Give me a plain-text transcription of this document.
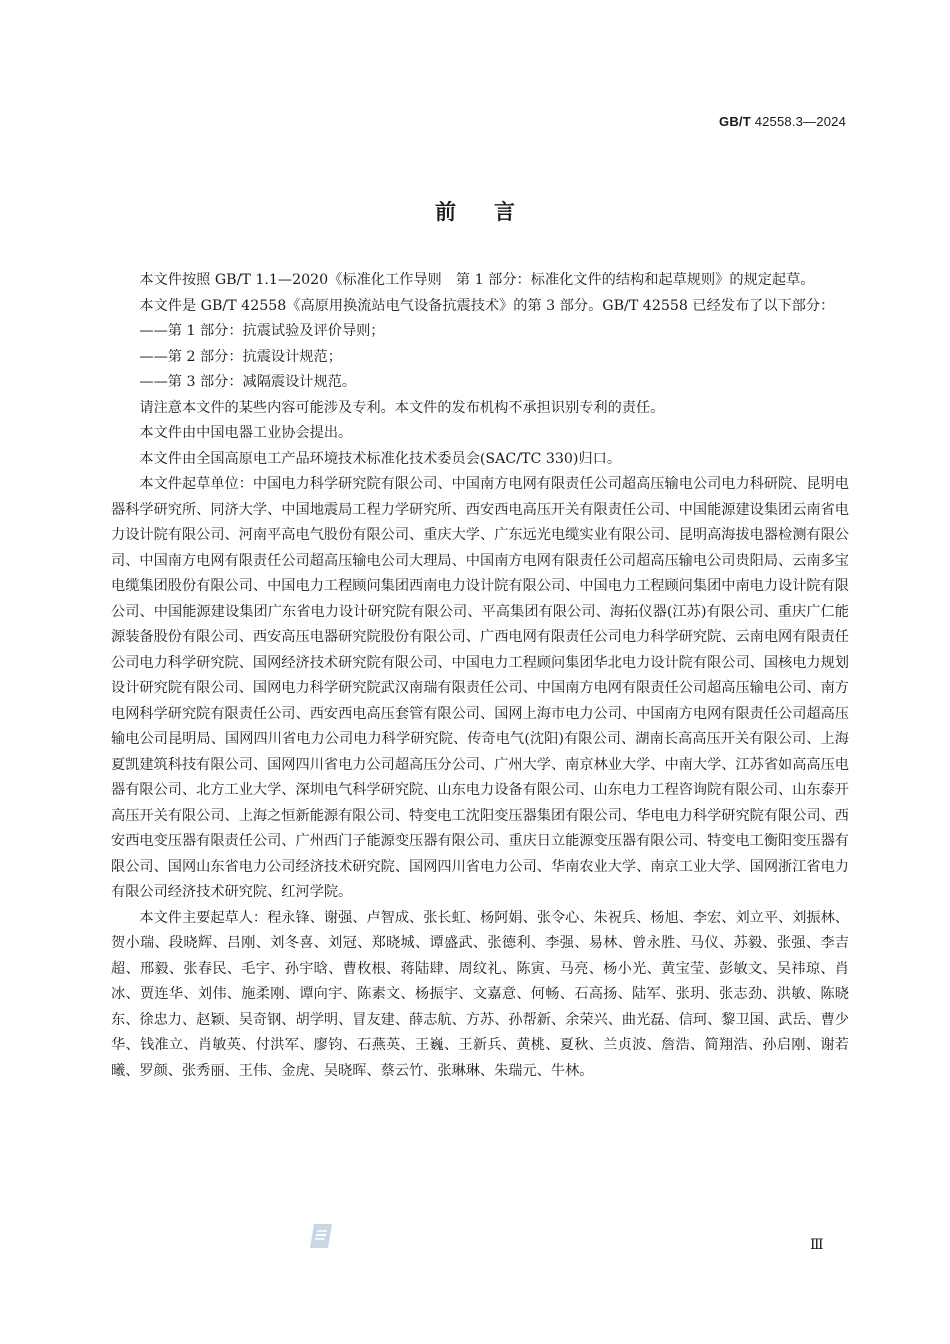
GB/T 42558.3—2024
前言

本文件按照 GB/T 1.1—2020《标准化工作导则　第 1 部分：标准化文件的结构和起草规则》的规定起草。

本文件是 GB/T 42558《高原用换流站电气设备抗震技术》的第 3 部分。GB/T 42558 已经发布了以下部分：

——第 1 部分：抗震试验及评价导则；

——第 2 部分：抗震设计规范；

——第 3 部分：减隔震设计规范。

请注意本文件的某些内容可能涉及专利。本文件的发布机构不承担识别专利的责任。

本文件由中国电器工业协会提出。

本文件由全国高原电工产品环境技术标准化技术委员会(SAC/TC 330)归口。

本文件起草单位：中国电力科学研究院有限公司、中国南方电网有限责任公司超高压输电公司电力科研院、昆明电器科学研究所、同济大学、中国地震局工程力学研究所、西安西电高压开关有限责任公司、中国能源建设集团云南省电力设计院有限公司、河南平高电气股份有限公司、重庆大学、广东远光电缆实业有限公司、昆明高海拔电器检测有限公司、中国南方电网有限责任公司超高压输电公司大理局、中国南方电网有限责任公司超高压输电公司贵阳局、云南多宝电缆集团股份有限公司、中国电力工程顾问集团西南电力设计院有限公司、中国电力工程顾问集团中南电力设计院有限公司、中国能源建设集团广东省电力设计研究院有限公司、平高集团有限公司、海拓仪器(江苏)有限公司、重庆广仁能源装备股份有限公司、西安高压电器研究院股份有限公司、广西电网有限责任公司电力科学研究院、云南电网有限责任公司电力科学研究院、国网经济技术研究院有限公司、中国电力工程顾问集团华北电力设计院有限公司、国核电力规划设计研究院有限公司、国网电力科学研究院武汉南瑞有限责任公司、中国南方电网有限责任公司超高压输电公司、南方电网科学研究院有限责任公司、西安西电高压套管有限公司、国网上海市电力公司、中国南方电网有限责任公司超高压输电公司昆明局、国网四川省电力公司电力科学研究院、传奇电气(沈阳)有限公司、湖南长高高压开关有限公司、上海夏凯建筑科技有限公司、国网四川省电力公司超高压分公司、广州大学、南京林业大学、中南大学、江苏省如高高压电器有限公司、北方工业大学、深圳电气科学研究院、山东电力设备有限公司、山东电力工程咨询院有限公司、山东泰开高压开关有限公司、上海之恒新能源有限公司、特变电工沈阳变压器集团有限公司、华电电力科学研究院有限公司、西安西电变压器有限责任公司、广州西门子能源变压器有限公司、重庆日立能源变压器有限公司、特变电工衡阳变压器有限公司、国网山东省电力公司经济技术研究院、国网四川省电力公司、华南农业大学、南京工业大学、国网浙江省电力有限公司经济技术研究院、红河学院。

本文件主要起草人：程永锋、谢强、卢智成、张长虹、杨阿娟、张令心、朱祝兵、杨旭、李宏、刘立平、刘振林、贺小瑞、段晓辉、吕刚、刘冬喜、刘冠、郑晓城、谭盛武、张德利、李强、易林、曾永胜、马仪、苏毅、张强、李吉超、邢毅、张春民、毛宇、孙宇晗、曹枚根、蒋陆肆、周纹礼、陈寅、马亮、杨小光、黄宝莹、彭敏文、吴祎琼、肖冰、贾连华、刘伟、施柔刚、谭向宇、陈素文、杨振宇、文嘉意、何畅、石高扬、陆军、张玥、张志劲、洪敏、陈晓东、徐忠力、赵颖、吴奇钢、胡学明、冒友建、薛志航、方苏、孙帮新、余荣兴、曲光磊、信珂、黎卫国、武岳、曹少华、钱准立、肖敏英、付洪军、廖钧、石燕英、王巍、王新兵、黄桃、夏秋、兰贞波、詹浩、简翔浩、孙启刚、谢若曦、罗颜、张秀丽、王伟、金虎、吴晓晖、蔡云竹、张琳琳、朱瑞元、牛林。

Ⅲ
